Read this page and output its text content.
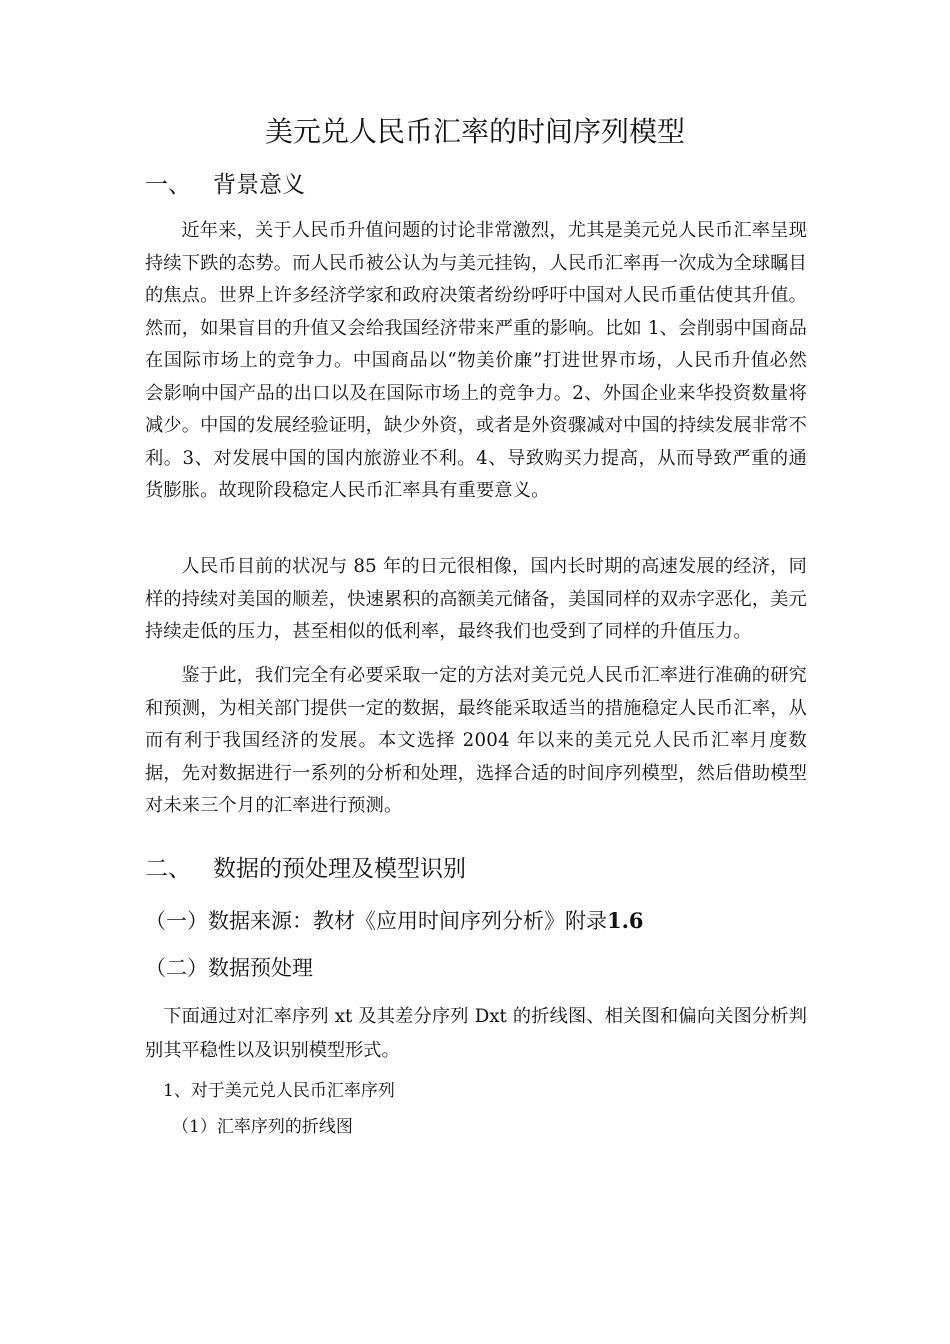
美元兑人民币汇率的时间序列模型
一、 背景意义

近年来，关于人民币升值问题的讨论非常激烈，尤其是美元兑人民币汇率呈现持续下跌的态势。而人民币被公认为与美元挂钩，人民币汇率再一次成为全球瞩目的焦点。世界上许多经济学家和政府决策者纷纷呼吁中国对人民币重估使其升值。然而，如果盲目的升值又会给我国经济带来严重的影响。比如 1、会削弱中国商品在国际市场上的竞争力。中国商品以“物美价廉”打进世界市场，人民币升值必然会影响中国产品的出口以及在国际市场上的竞争力。2、外国企业来华投资数量将减少。中国的发展经验证明，缺少外资，或者是外资骤减对中国的持续发展非常不利。3、对发展中国的国内旅游业不利。4、导致购买力提高，从而导致严重的通货膨胀。故现阶段稳定人民币汇率具有重要意义。

人民币目前的状况与 85 年的日元很相像，国内长时期的高速发展的经济，同样的持续对美国的顺差，快速累积的高额美元储备，美国同样的双赤字恶化，美元持续走低的压力，甚至相似的低利率，最终我们也受到了同样的升值压力。

鉴于此，我们完全有必要采取一定的方法对美元兑人民币汇率进行准确的研究和预测，为相关部门提供一定的数据，最终能采取适当的措施稳定人民币汇率，从而有利于我国经济的发展。本文选择 2004 年以来的美元兑人民币汇率月度数据，先对数据进行一系列的分析和处理，选择合适的时间序列模型，然后借助模型对未来三个月的汇率进行预测。

二、 数据的预处理及模型识别
（一）数据来源：教材《应用时间序列分析》附录1.6
（二）数据预处理

下面通过对汇率序列 xt 及其差分序列 Dxt 的折线图、相关图和偏向关图分析判别其平稳性以及识别模型形式。

1、对于美元兑人民币汇率序列

（1）汇率序列的折线图
